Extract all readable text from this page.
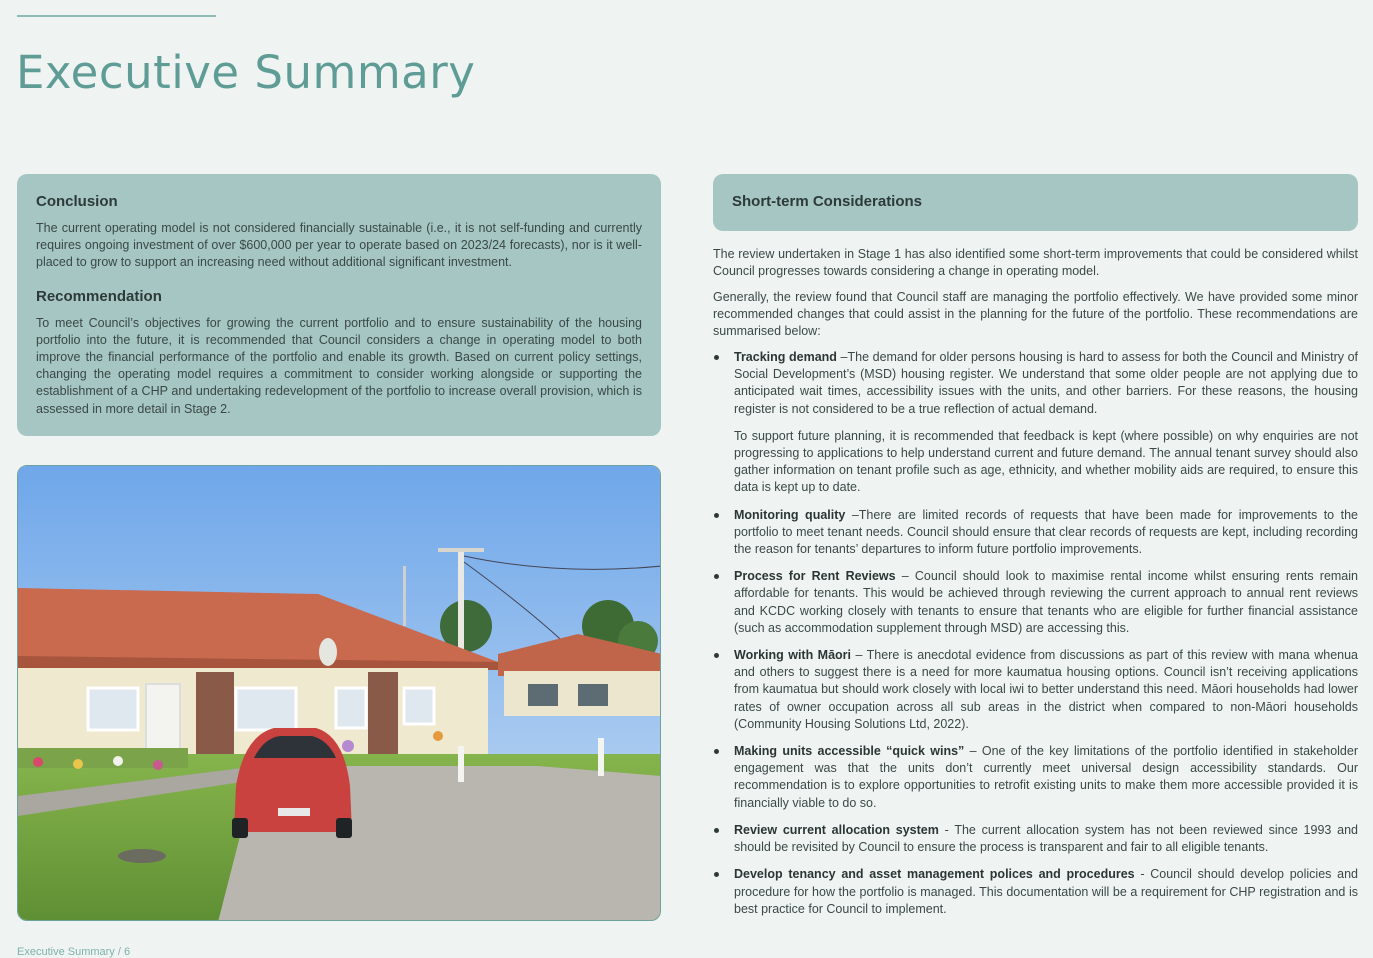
Executive Summary
Conclusion

The current operating model is not considered financially sustainable (i.e., it is not self-funding and currently requires ongoing investment of over $600,000 per year to operate based on 2023/24 forecasts), nor is it well-placed to grow to support an increasing need without additional significant investment.

Recommendation

To meet Council’s objectives for growing the current portfolio and to ensure sustainability of the housing portfolio into the future, it is recommended that Council considers a change in operating model to both improve the financial performance of the portfolio and enable its growth. Based on current policy settings, changing the operating model requires a commitment to consider working alongside or supporting the establishment of a CHP and undertaking redevelopment of the portfolio to increase overall provision, which is assessed in more detail in Stage 2.

Short-term Considerations

The review undertaken in Stage 1 has also identified some short-term improvements that could be considered whilst Council progresses towards considering a change in operating model.

Generally, the review found that Council staff are managing the portfolio effectively. We have provided some minor recommended changes that could assist in the planning for the future of the portfolio. These recommendations are summarised below:

Tracking demand –The demand for older persons housing is hard to assess for both the Council and Ministry of Social Development’s (MSD) housing register. We understand that some older people are not applying due to anticipated wait times, accessibility issues with the units, and other barriers. For these reasons, the housing register is not considered to be a true reflection of actual demand.

To support future planning, it is recommended that feedback is kept (where possible) on why enquiries are not progressing to applications to help understand current and future demand. The annual tenant survey should also gather information on tenant profile such as age, ethnicity, and whether mobility aids are required, to ensure this data is kept up to date.

Monitoring quality –There are limited records of requests that have been made for improvements to the portfolio to meet tenant needs. Council should ensure that clear records of requests are kept, including recording the reason for tenants’ departures to inform future portfolio improvements.
Process for Rent Reviews – Council should look to maximise rental income whilst ensuring rents remain affordable for tenants. This would be achieved through reviewing the current approach to annual rent reviews and KCDC working closely with tenants to ensure that tenants who are eligible for further financial assistance (such as accommodation supplement through MSD) are accessing this.
Working with Māori – There is anecdotal evidence from discussions as part of this review with mana whenua and others to suggest there is a need for more kaumatua housing options. Council isn’t receiving applications from kaumatua but should work closely with local iwi to better understand this need. Māori households had lower rates of owner occupation across all sub areas in the district when compared to non-Māori households (Community Housing Solutions Ltd, 2022).
Making units accessible “quick wins” – One of the key limitations of the portfolio identified in stakeholder engagement was that the units don’t currently meet universal design accessibility standards. Our recommendation is to explore opportunities to retrofit existing units to make them more accessible provided it is financially viable to do so.
Review current allocation system - The current allocation system has not been reviewed since 1993 and should be revisited by Council to ensure the process is transparent and fair to all eligible tenants.
Develop tenancy and asset management polices and procedures - Council should develop policies and procedure for how the portfolio is managed. This documentation will be a requirement for CHP registration and is best practice for Council to implement.
Executive Summary / 6
